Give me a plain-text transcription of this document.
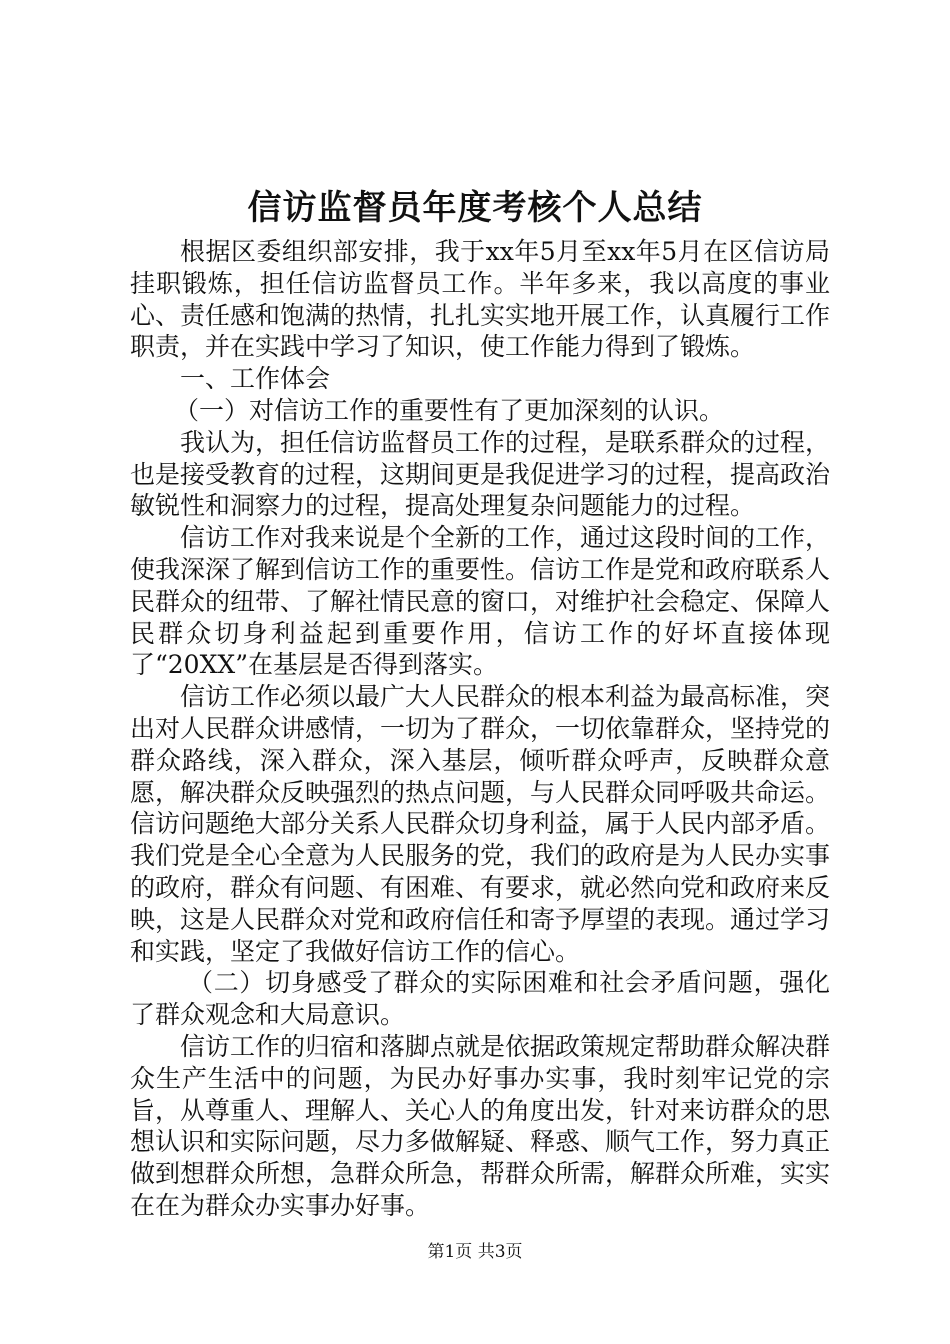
信访监督员年度考核个人总结

根据区委组织部安排，我于xx年5月至xx年5月在区信访局挂职锻炼，担任信访监督员工作。半年多来，我以高度的事业心、责任感和饱满的热情，扎扎实实地开展工作，认真履行工作职责，并在实践中学习了知识，使工作能力得到了锻炼。

一、工作体会

（一）对信访工作的重要性有了更加深刻的认识。

我认为，担任信访监督员工作的过程，是联系群众的过程，也是接受教育的过程，这期间更是我促进学习的过程，提高政治敏锐性和洞察力的过程，提高处理复杂问题能力的过程。

信访工作对我来说是个全新的工作，通过这段时间的工作，使我深深了解到信访工作的重要性。信访工作是党和政府联系人民群众的纽带、了解社情民意的窗口，对维护社会稳定、保障人民群众切身利益起到重要作用，信访工作的好坏直接体现了“20XX”在基层是否得到落实。

信访工作必须以最广大人民群众的根本利益为最高标准，突出对人民群众讲感情，一切为了群众，一切依靠群众，坚持党的群众路线，深入群众，深入基层，倾听群众呼声，反映群众意愿，解决群众反映强烈的热点问题，与人民群众同呼吸共命运。信访问题绝大部分关系人民群众切身利益，属于人民内部矛盾。我们党是全心全意为人民服务的党，我们的政府是为人民办实事的政府，群众有问题、有困难、有要求，就必然向党和政府来反映，这是人民群众对党和政府信任和寄予厚望的表现。通过学习和实践，坚定了我做好信访工作的信心。

（二）切身感受了群众的实际困难和社会矛盾问题，强化了群众观念和大局意识。

信访工作的归宿和落脚点就是依据政策规定帮助群众解决群众生产生活中的问题，为民办好事办实事，我时刻牢记党的宗旨，从尊重人、理解人、关心人的角度出发，针对来访群众的思想认识和实际问题，尽力多做解疑、释惑、顺气工作，努力真正做到想群众所想，急群众所急，帮群众所需，解群众所难，实实在在为群众办实事办好事。

第1页 共3页
